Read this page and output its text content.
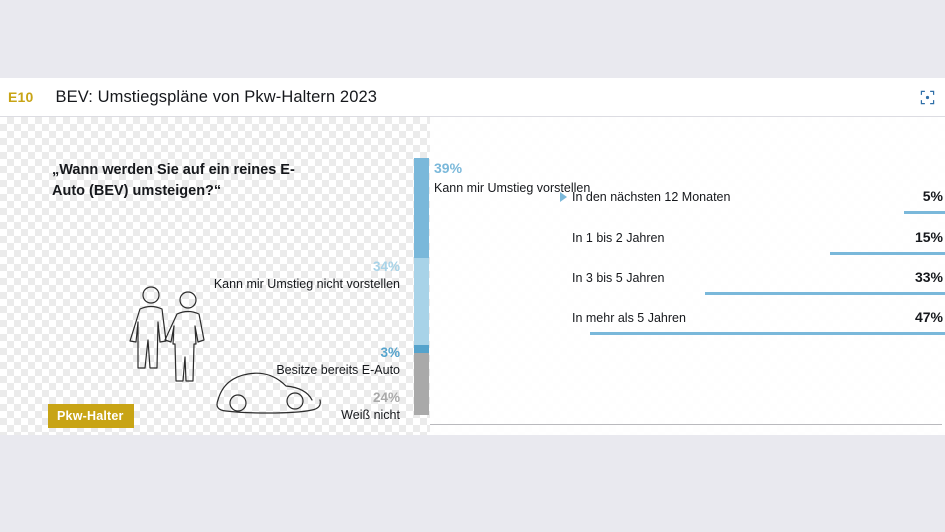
E10 BEV: Umstiegspläne von Pkw-Haltern 2023
„Wann werden Sie auf ein reines E-Auto (BEV) umsteigen?“
Pkw-Halter
39%
Kann mir Umstieg vorstellen
34%
Kann mir Umstieg nicht vorstellen
3%
Besitze bereits E-Auto
24%
Weiß nicht
In den nächsten 12 Monaten	5%
In 1 bis 2 Jahren	15%
In 3 bis 5 Jahren	33%
In mehr als 5 Jahren	47%
